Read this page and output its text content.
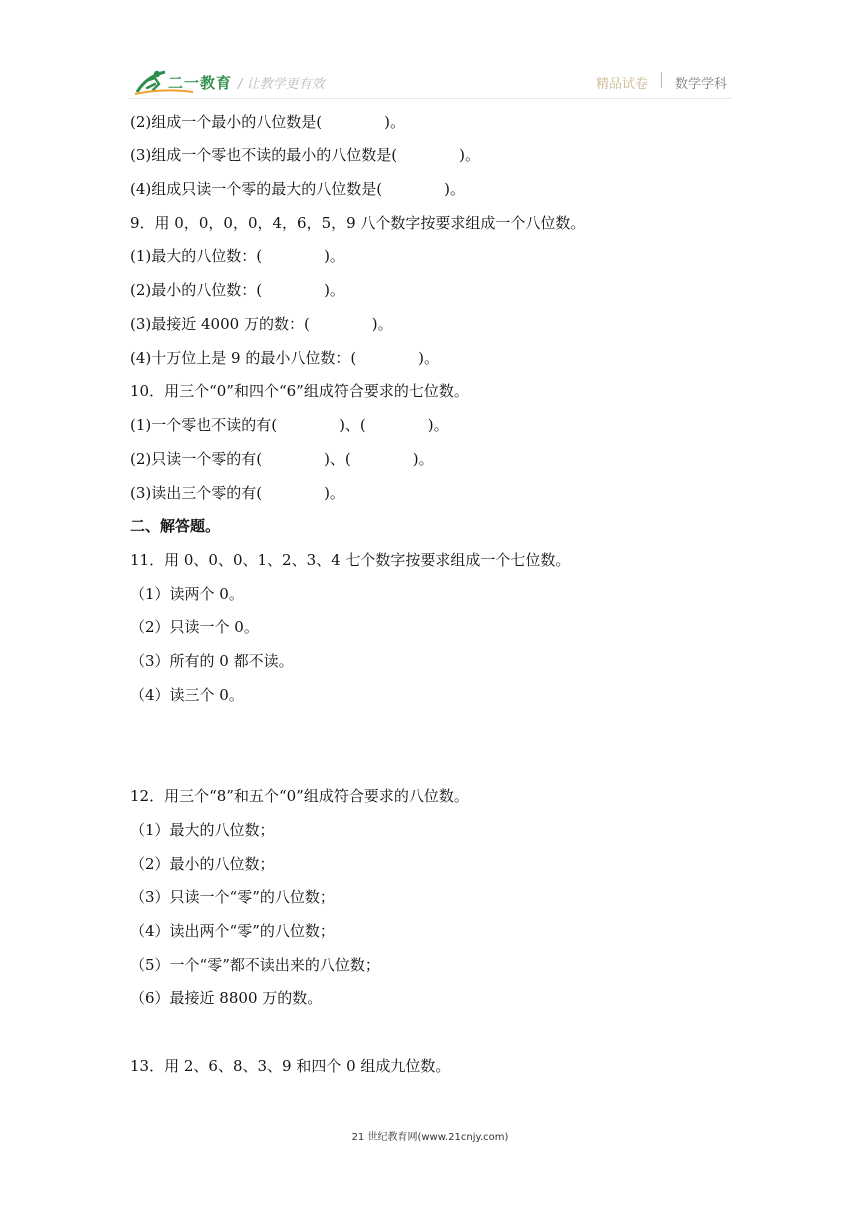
二一教育 / 让教学更有效	精品试卷 数学学科
(2)组成一个最小的八位数是(             )。
(3)组成一个零也不读的最小的八位数是(             )。
(4)组成只读一个零的最大的八位数是(             )。
9．用 0，0，0，0，4，6，5，9 八个数字按要求组成一个八位数。
(1)最大的八位数：(             )。
(2)最小的八位数：(             )。
(3)最接近 4000 万的数：(             )。
(4)十万位上是 9 的最小八位数：(             )。
10．用三个“0”和四个“6”组成符合要求的七位数。
(1)一个零也不读的有(             )、(             )。
(2)只读一个零的有(             )、(             )。
(3)读出三个零的有(             )。
二、解答题。
11．用 0、0、0、1、2、3、4 七个数字按要求组成一个七位数。
（1）读两个 0。
（2）只读一个 0。
（3）所有的 0 都不读。
（4）读三个 0。
12．用三个“8”和五个“0”组成符合要求的八位数。
（1）最大的八位数；
（2）最小的八位数；
（3）只读一个“零”的八位数；
（4）读出两个“零”的八位数；
（5）一个“零”都不读出来的八位数；
（6）最接近 8800 万的数。
13．用 2、6、8、3、9 和四个 0 组成九位数。
21 世纪教育网(www.21cnjy.com)
